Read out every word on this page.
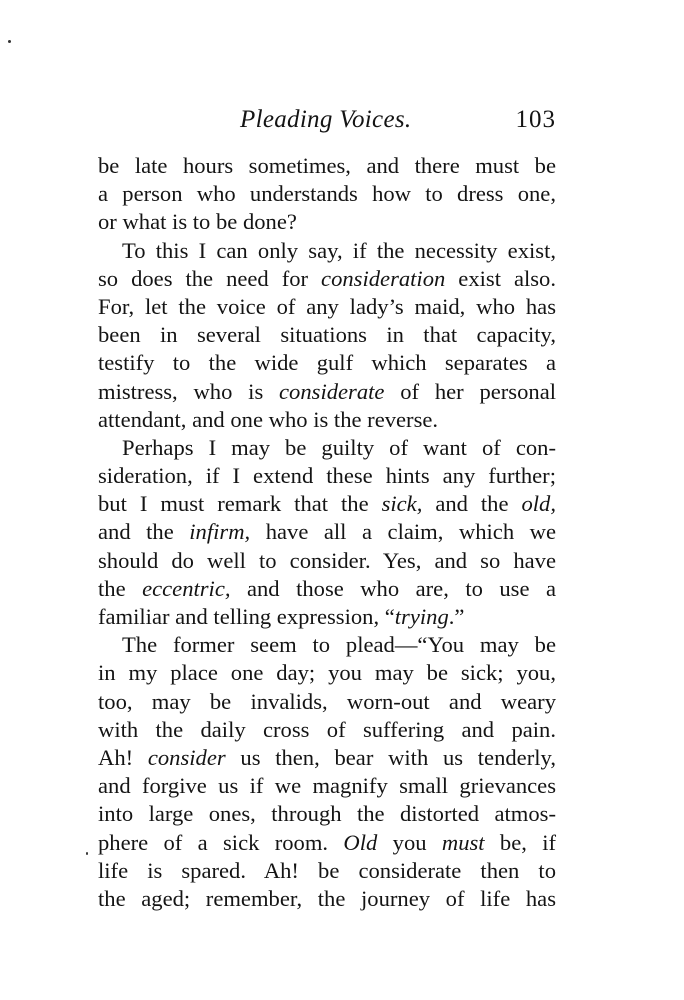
Pleading Voices.	103
be late hours sometimes, and there must be
a person who understands how to dress one,
or what is to be done?
To this I can only say, if the necessity exist,
so does the need for consideration exist also.
For, let the voice of any lady’s maid, who has
been in several situations in that capacity,
testify to the wide gulf which separates a
mistress, who is considerate of her personal
attendant, and one who is the reverse.
Perhaps I may be guilty of want of con-
sideration, if I extend these hints any further;
but I must remark that the sick, and the old,
and the infirm, have all a claim, which we
should do well to consider. Yes, and so have
the eccentric, and those who are, to use a
familiar and telling expression, “trying.”
The former seem to plead—“You may be
in my place one day; you may be sick; you,
too, may be invalids, worn-out and weary
with the daily cross of suffering and pain.
Ah! consider us then, bear with us tenderly,
and forgive us if we magnify small grievances
into large ones, through the distorted atmos-
phere of a sick room. Old you must be, if
life is spared. Ah! be considerate then to
the aged; remember, the journey of life has
